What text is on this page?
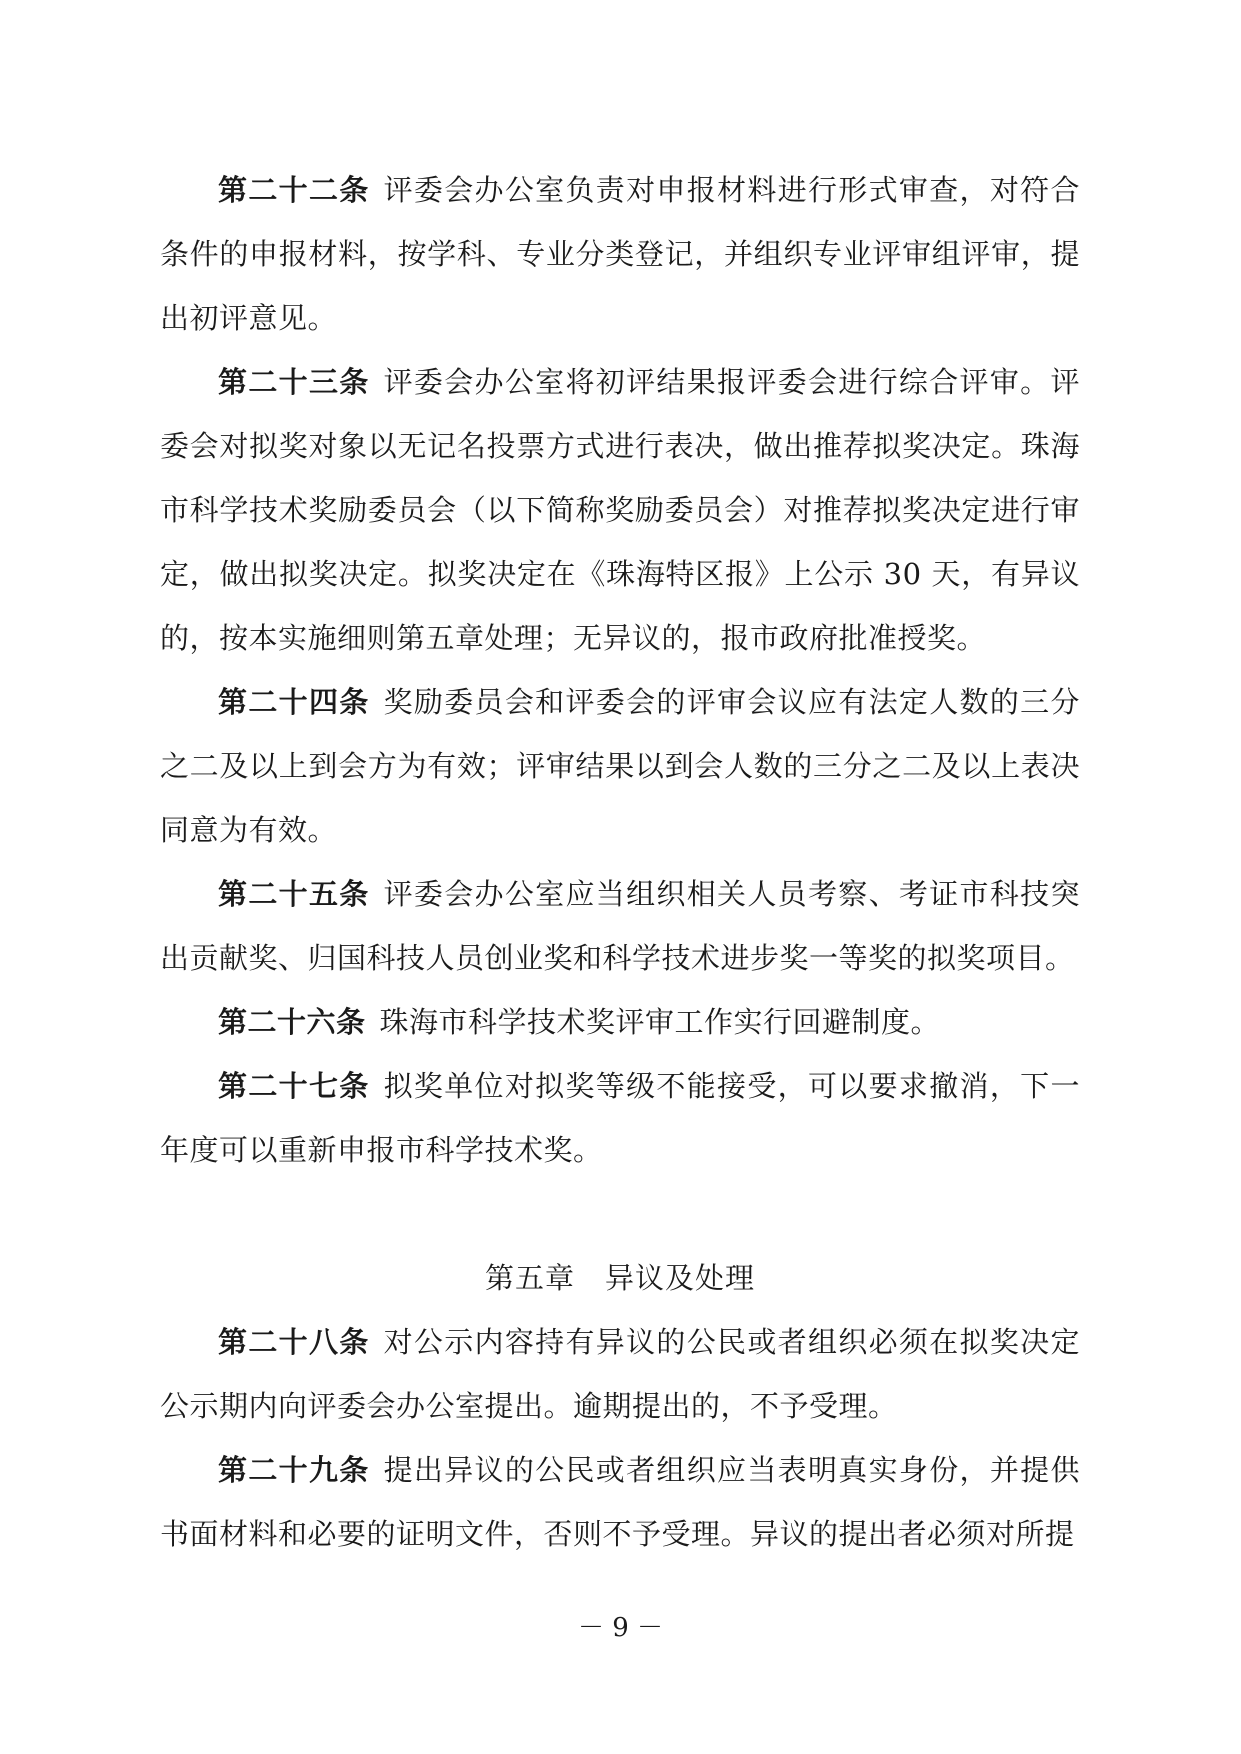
第二十二条 评委会办公室负责对申报材料进行形式审查，对符合条件的申报材料，按学科、专业分类登记，并组织专业评审组评审，提出初评意见。

第二十三条 评委会办公室将初评结果报评委会进行综合评审。评委会对拟奖对象以无记名投票方式进行表决，做出推荐拟奖决定。珠海市科学技术奖励委员会（以下简称奖励委员会）对推荐拟奖决定进行审定，做出拟奖决定。拟奖决定在《珠海特区报》上公示 30 天，有异议的，按本实施细则第五章处理；无异议的，报市政府批准授奖。

第二十四条 奖励委员会和评委会的评审会议应有法定人数的三分之二及以上到会方为有效；评审结果以到会人数的三分之二及以上表决同意为有效。

第二十五条 评委会办公室应当组织相关人员考察、考证市科技突出贡献奖、归国科技人员创业奖和科学技术进步奖一等奖的拟奖项目。

第二十六条 珠海市科学技术奖评审工作实行回避制度。

第二十七条 拟奖单位对拟奖等级不能接受，可以要求撤消，下一年度可以重新申报市科学技术奖。

第五章 异议及处理

第二十八条 对公示内容持有异议的公民或者组织必须在拟奖决定公示期内向评委会办公室提出。逾期提出的，不予受理。

第二十九条 提出异议的公民或者组织应当表明真实身份，并提供书面材料和必要的证明文件，否则不予受理。异议的提出者必须对所提

－ 9 －
